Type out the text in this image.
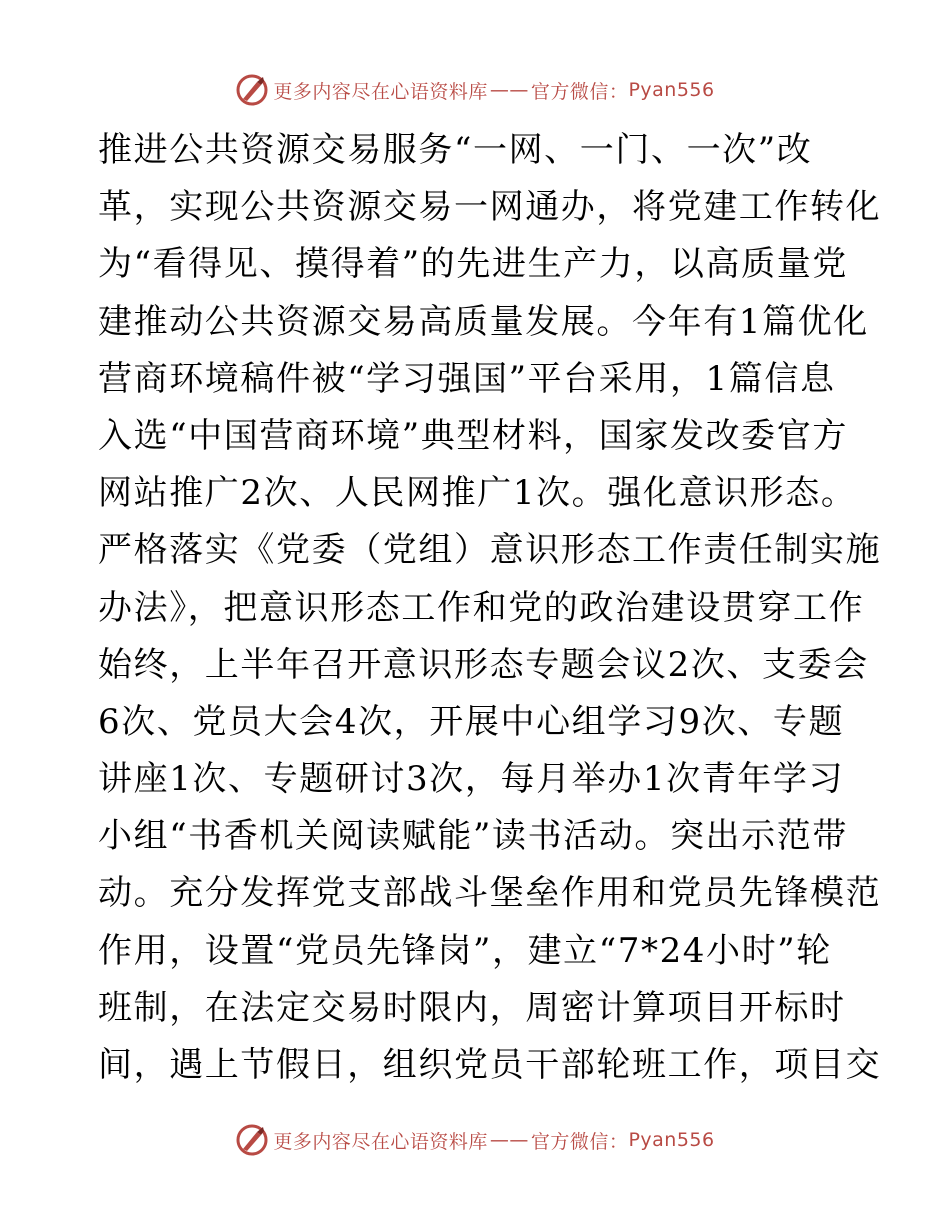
更多内容尽在心语资料库 —— 官方微信： Pyan556
推进公共资源交易服务“一网、一门、一次”改
革，实现公共资源交易一网通办，将党建工作转化
为“看得见、摸得着”的先进生产力，以高质量党
建推动公共资源交易高质量发展。今年有1篇优化
营商环境稿件被“学习强国”平台采用，1篇信息
入选“中国营商环境”典型材料，国家发改委官方
网站推广2次、人民网推广1次。强化意识形态。
严格落实《党委（党组）意识形态工作责任制实施
办法》，把意识形态工作和党的政治建设贯穿工作
始终，上半年召开意识形态专题会议2次、支委会
6次、党员大会4次，开展中心组学习9次、专题
讲座1次、专题研讨3次，每月举办1次青年学习
小组“书香机关阅读赋能”读书活动。突出示范带
动。充分发挥党支部战斗堡垒作用和党员先锋模范
作用，设置“党员先锋岗”，建立“7*24小时”轮
班制，在法定交易时限内，周密计算项目开标时
间，遇上节假日，组织党员干部轮班工作，项目交
更多内容尽在心语资料库 —— 官方微信： Pyan556
